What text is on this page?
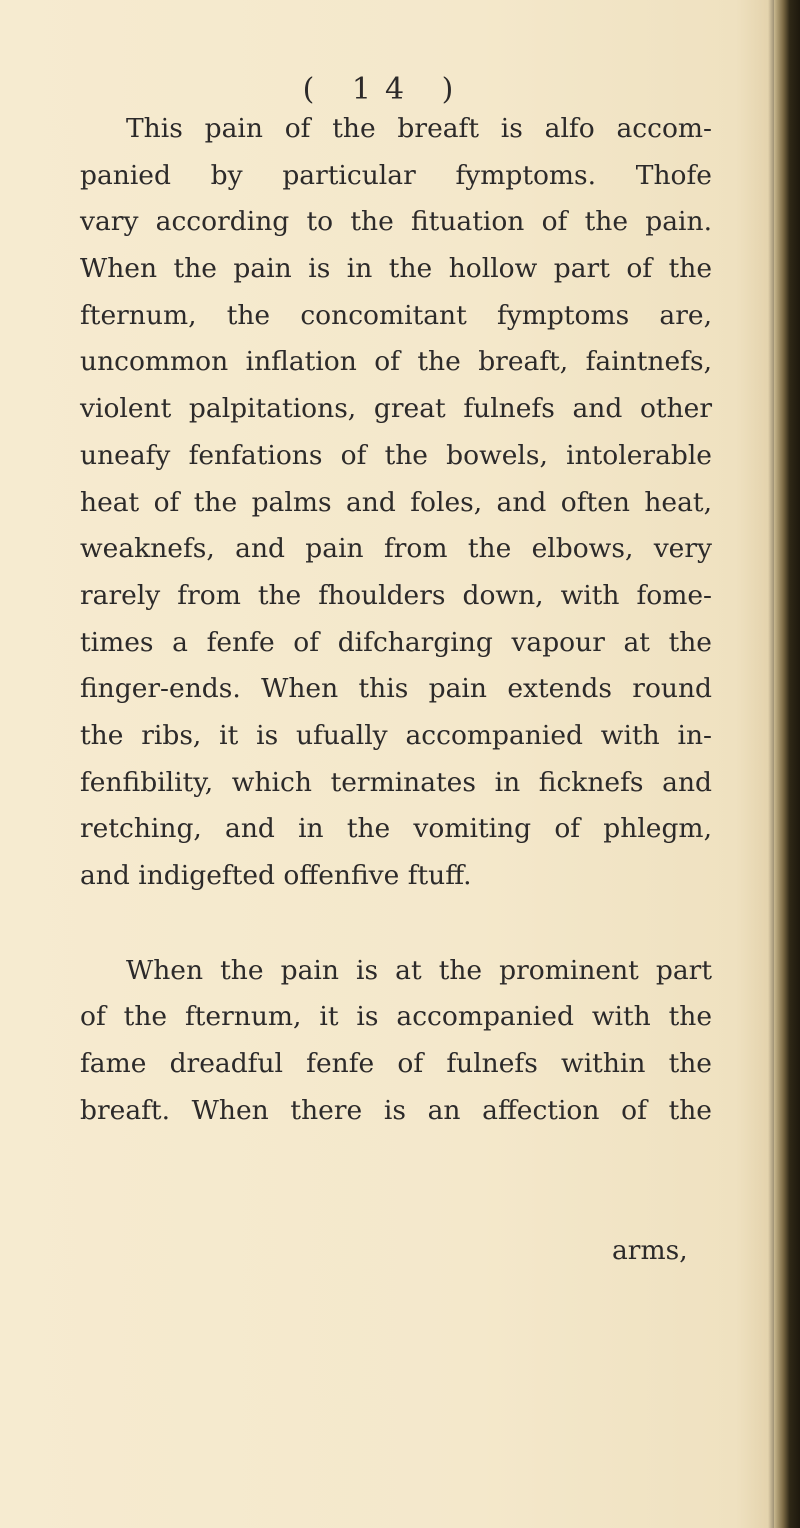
( 14 )
This pain of the breaft is alfo accom-
panied by particular fymptoms. Thofe
vary according to the fituation of the pain.
When the pain is in the hollow part of the
fternum, the concomitant fymptoms are,
uncommon inflation of the breaft, faintnefs,
violent palpitations, great fulnefs and other
uneafy fenfations of the bowels, intolerable
heat of the palms and foles, and often heat,
weaknefs, and pain from the elbows, very
rarely from the fhoulders down, with fome-
times a fenfe of difcharging vapour at the
finger-ends. When this pain extends round
the ribs, it is ufually accompanied with in-
fenfibility, which terminates in ficknefs and
retching, and in the vomiting of phlegm,
and indigefted offenfive ftuff.
When the pain is at the prominent part
of the fternum, it is accompanied with the
fame dreadful fenfe of fulnefs within the
breaft. When there is an affection of the
arms,
